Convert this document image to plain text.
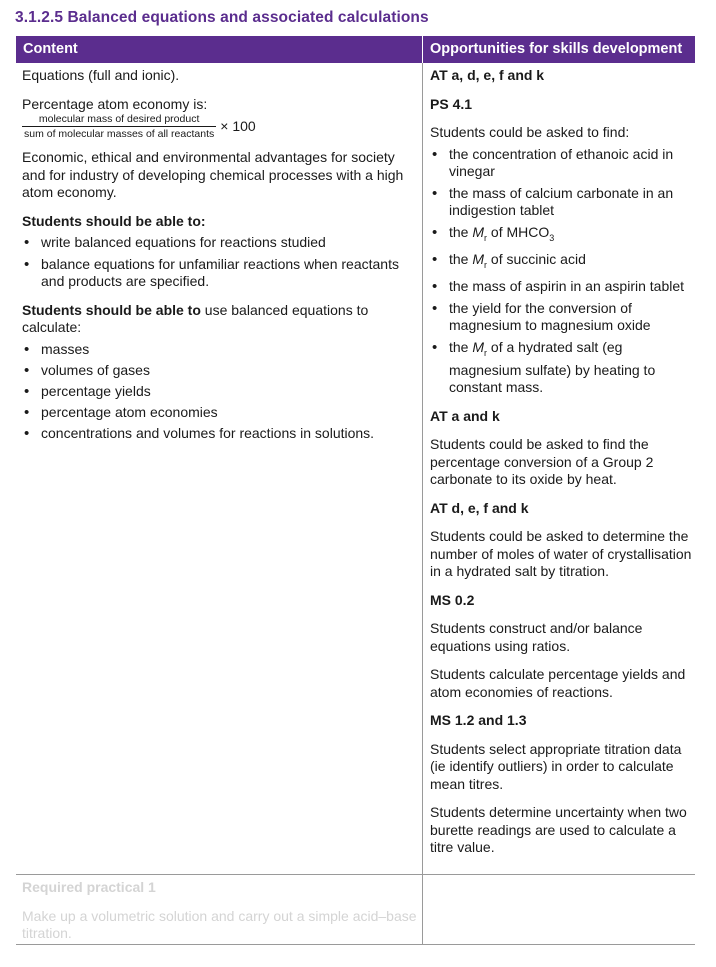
3.1.2.5 Balanced equations and associated calculations
Content	Opportunities for skills development

Equations (full and ionic).

Percentage atom economy is:

$\frac{\text{molecular mass of desired product}}{\text{sum of molecular masses of all reactants}} \times 100$

Economic, ethical and environmental advantages for society and for industry of developing chemical processes with a high atom economy.

Students should be able to:

• write balanced equations for reactions studied
• balance equations for unfamiliar reactions when reactants and products are specified.

Students should be able to use balanced equations to calculate:

• masses
• volumes of gases
• percentage yields
• percentage atom economies
• concentrations and volumes for reactions in solutions.

AT a, d, e, f and k

PS 4.1

Students could be asked to find:

• the concentration of ethanoic acid in vinegar
• the mass of calcium carbonate in an indigestion tablet
• the $M_r$ of $MHCO_3$
• the $M_r$ of succinic acid
• the mass of aspirin in an aspirin tablet
• the yield for the conversion of magnesium to magnesium oxide
• the $M_r$ of a hydrated salt (eg magnesium sulfate) by heating to constant mass.

AT a and k

Students could be asked to find the percentage conversion of a Group 2 carbonate to its oxide by heat.

AT d, e, f and k

Students could be asked to determine the number of moles of water of crystallisation in a hydrated salt by titration.

MS 0.2

Students construct and/or balance equations using ratios.

Students calculate percentage yields and atom economies of reactions.

MS 1.2 and 1.3

Students select appropriate titration data (ie identify outliers) in order to calculate mean titres.

Students determine uncertainty when two burette readings are used to calculate a titre value.

Required practical 1

Make up a volumetric solution and carry out a simple acid–base titration.
